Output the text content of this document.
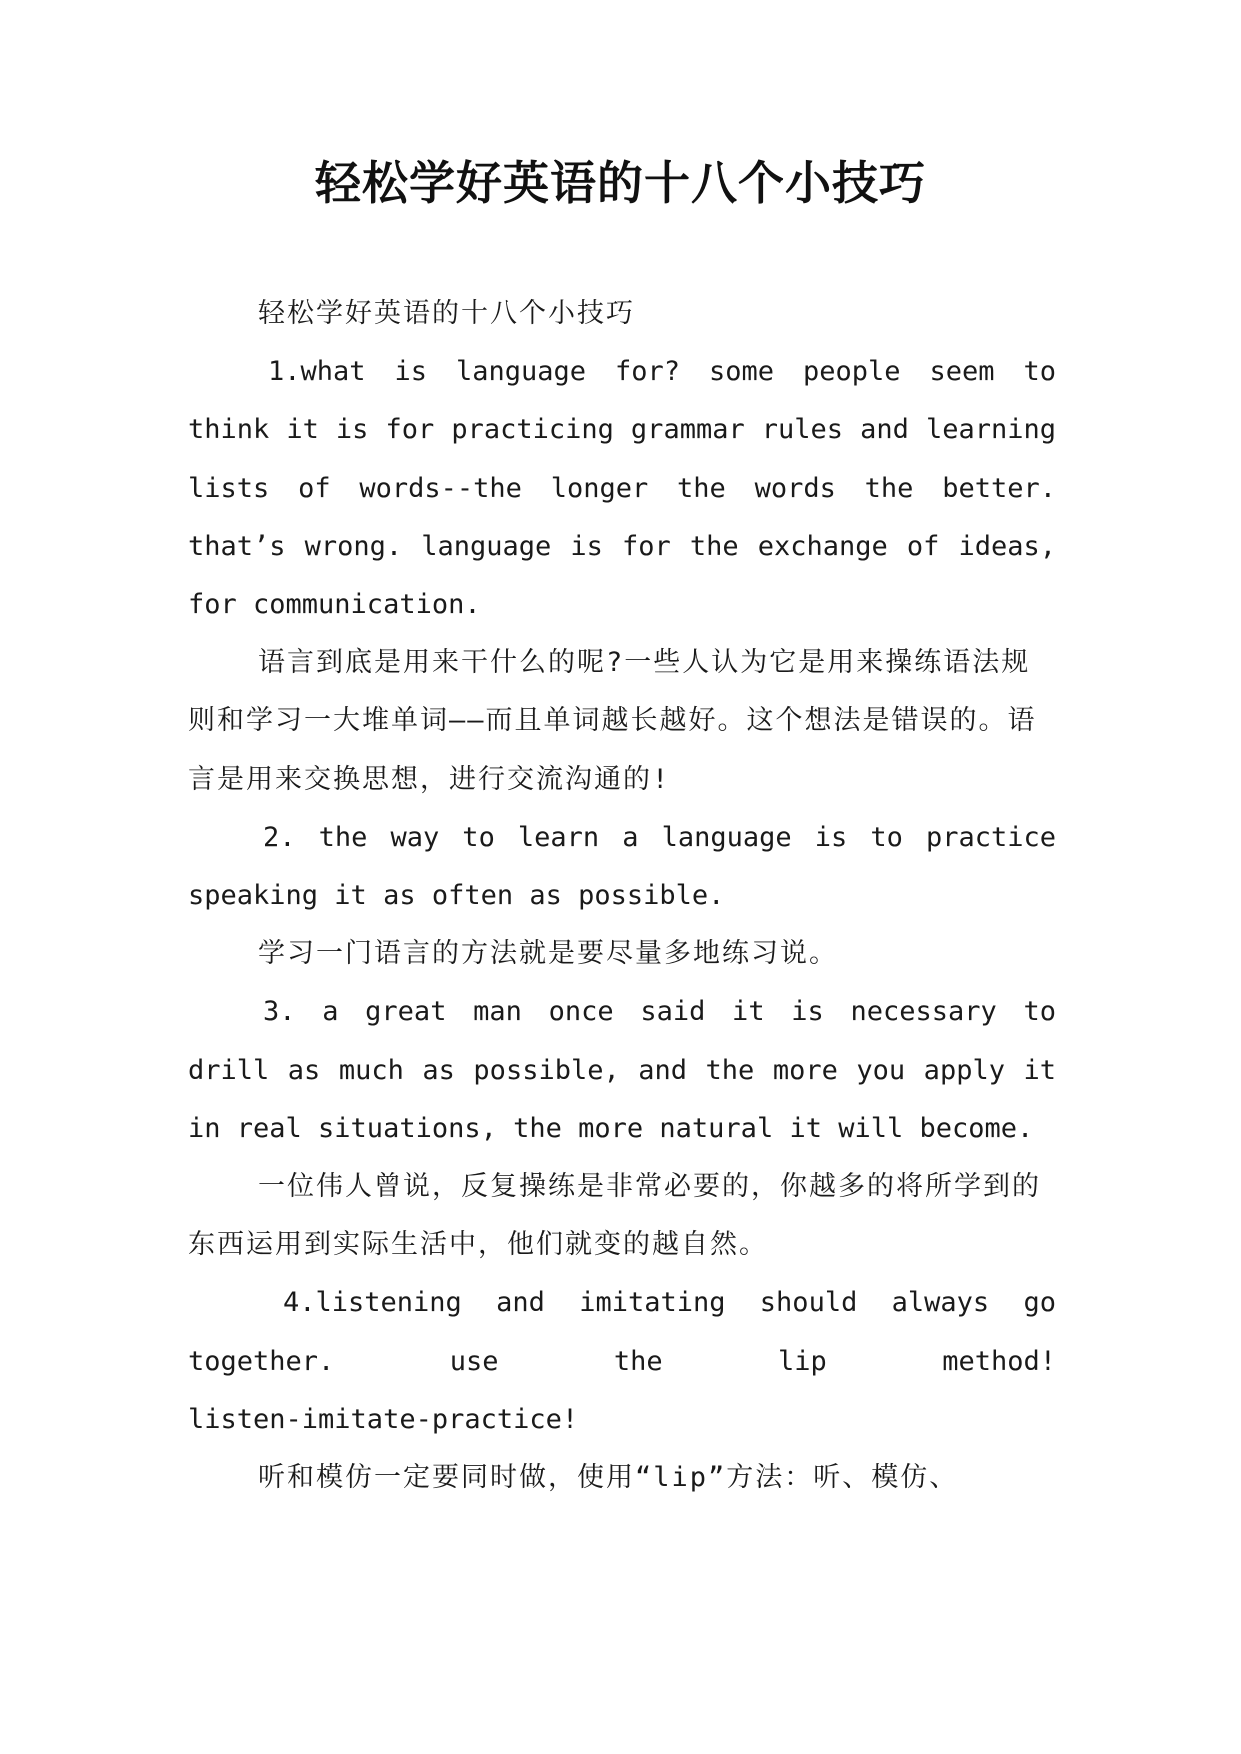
轻松学好英语的十八个小技巧

轻松学好英语的十八个小技巧

1.what is language for? some people seem to think it is for practicing grammar rules and learning lists of words--the longer the words the better. that’s wrong. language is for the exchange of ideas, for communication.

语言到底是用来干什么的呢?一些人认为它是用来操练语法规则和学习一大堆单词——而且单词越长越好。这个想法是错误的。语言是用来交换思想，进行交流沟通的!

2. the way to learn a language is to practice speaking it as often as possible.

学习一门语言的方法就是要尽量多地练习说。

3. a great man once said it is necessary to drill as much as possible, and the more you apply it in real situations, the more natural it will become.

一位伟人曾说，反复操练是非常必要的，你越多的将所学到的东西运用到实际生活中，他们就变的越自然。

4.listening and imitating should always go together. use the lip method!

listen-imitate-practice!

听和模仿一定要同时做，使用“lip”方法：听、模仿、
